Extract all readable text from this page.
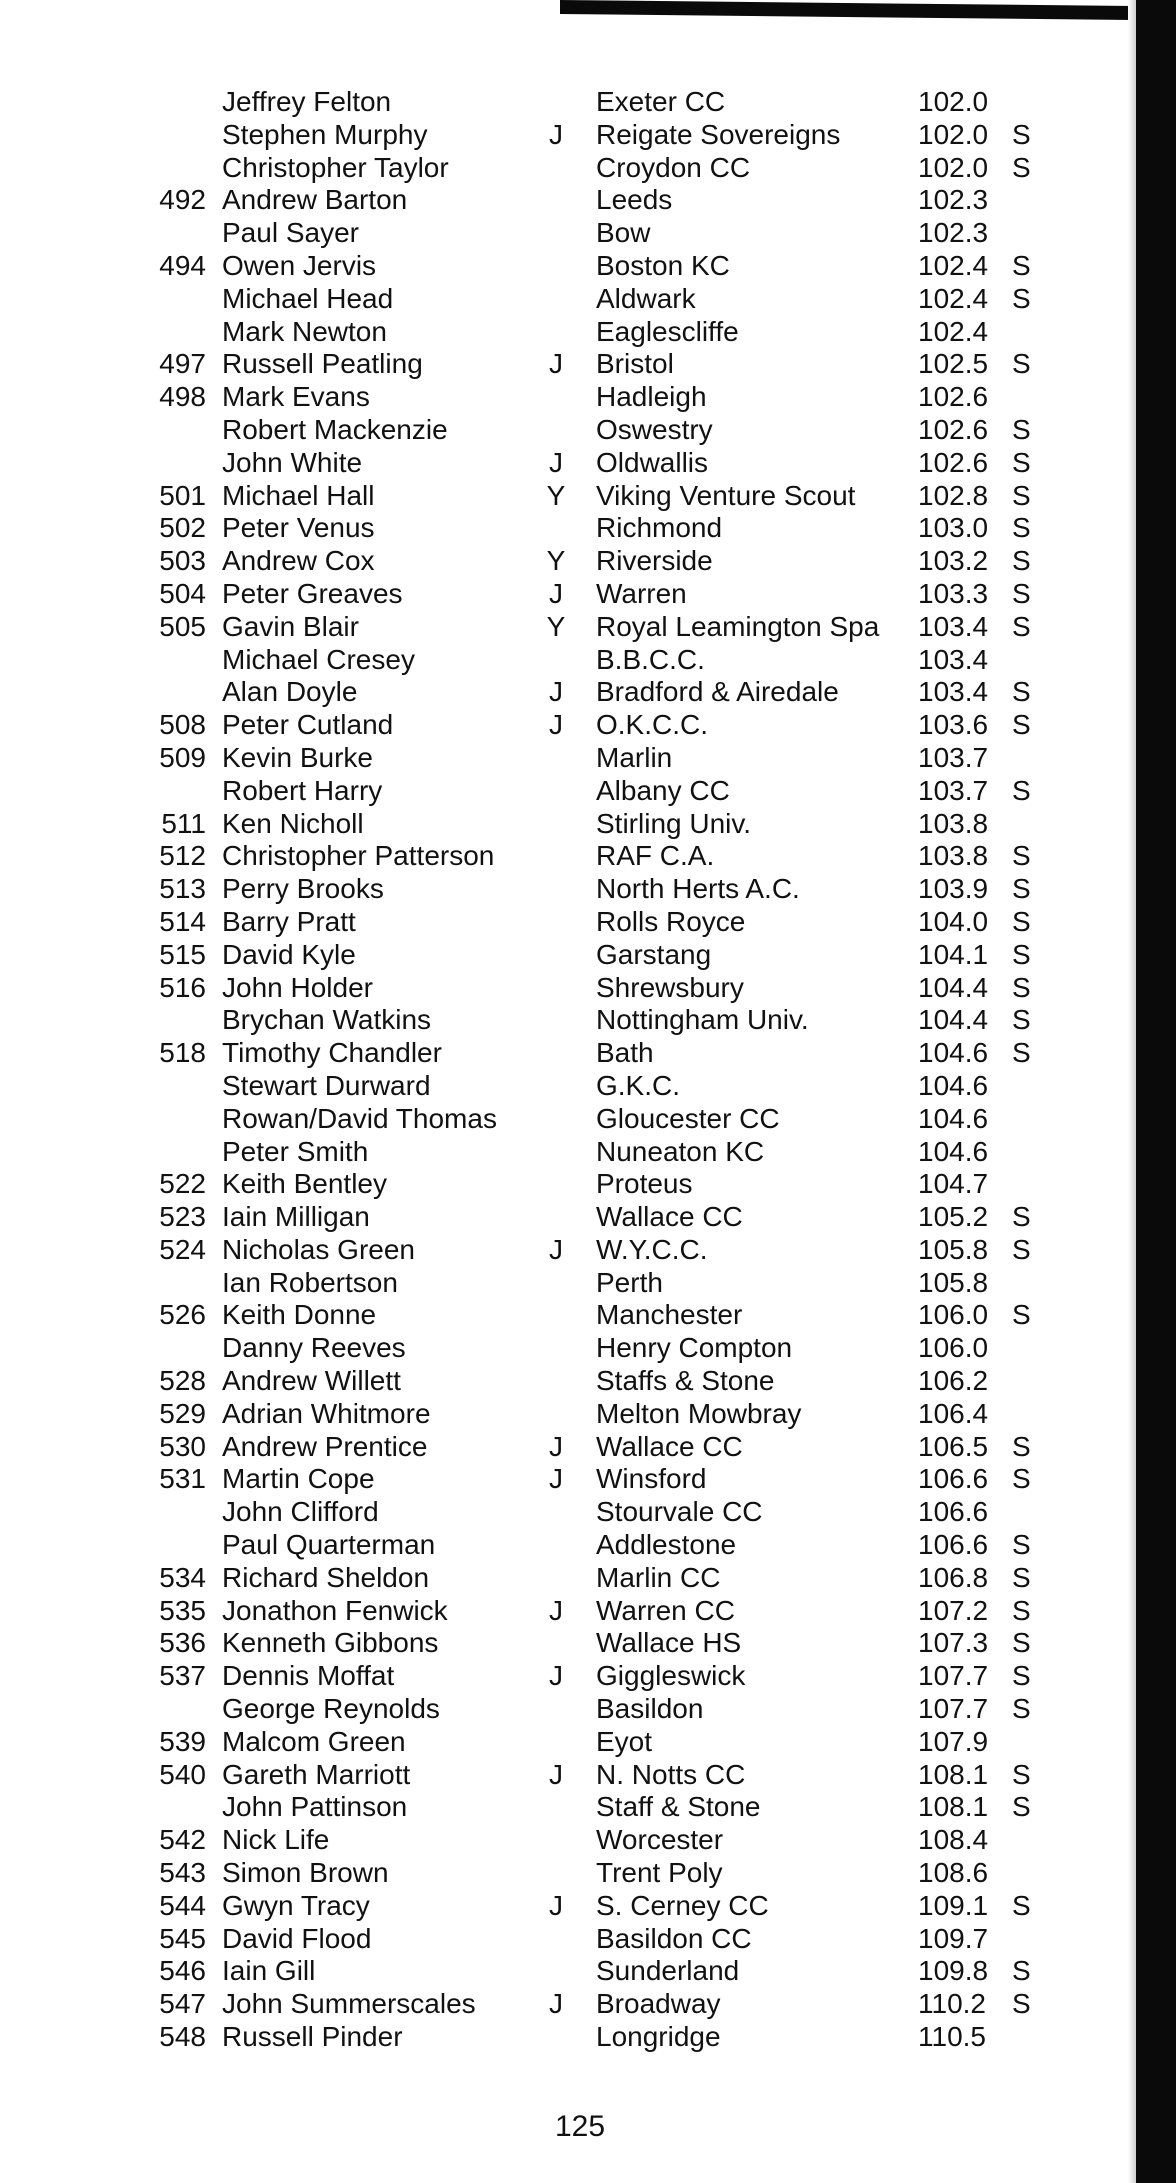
Jeffrey Felton	Exeter CC	102.0
Stephen Murphy	J	Reigate Sovereigns	102.0 S
Christopher Taylor	Croydon CC	102.0 S
492 Andrew Barton	Leeds	102.3
Paul Sayer	Bow	102.3
494 Owen Jervis	Boston KC	102.4 S
Michael Head	Aldwark	102.4 S
Mark Newton	Eaglescliffe	102.4
497 Russell Peatling	J	Bristol	102.5 S
498 Mark Evans	Hadleigh	102.6
Robert Mackenzie	Oswestry	102.6 S
John White	J	Oldwallis	102.6 S
501 Michael Hall	Y	Viking Venture Scout 102.8 S
502 Peter Venus	Richmond	103.0 S
503 Andrew Cox	Y	Riverside	103.2 S
504 Peter Greaves	J	Warren	103.3 S
505 Gavin Blair	Y	Royal Leamington Spa 103.4 S
Michael Cresey	B.B.C.C.	103.4
Alan Doyle	J	Bradford & Airedale	103.4 S
508 Peter Cutland	J	O.K.C.C.	103.6 S
509 Kevin Burke	Marlin	103.7
Robert Harry	Albany CC	103.7 S
511 Ken Nicholl	Stirling Univ.	103.8
512 Christopher Patterson	RAF C.A.	103.8 S
513 Perry Brooks	North Herts A.C.	103.9 S
514 Barry Pratt	Rolls Royce	104.0 S
515 David Kyle	Garstang	104.1 S
516 John Holder	Shrewsbury	104.4 S
Brychan Watkins	Nottingham Univ.	104.4 S
518 Timothy Chandler	Bath	104.6 S
Stewart Durward	G.K.C.	104.6
Rowan/David Thomas	Gloucester CC	104.6
Peter Smith	Nuneaton KC	104.6
522 Keith Bentley	Proteus	104.7
523 Iain Milligan	Wallace CC	105.2 S
524 Nicholas Green	J	W.Y.C.C.	105.8 S
Ian Robertson	Perth	105.8
526 Keith Donne	Manchester	106.0 S
Danny Reeves	Henry Compton	106.0
528 Andrew Willett	Staffs & Stone	106.2
529 Adrian Whitmore	Melton Mowbray	106.4
530 Andrew Prentice	J	Wallace CC	106.5 S
531 Martin Cope	J	Winsford	106.6 S
John Clifford	Stourvale CC	106.6
Paul Quarterman	Addlestone	106.6 S
534 Richard Sheldon	Marlin CC	106.8 S
535 Jonathon Fenwick	J	Warren CC	107.2 S
536 Kenneth Gibbons	Wallace HS	107.3 S
537 Dennis Moffat	J	Giggleswick	107.7 S
George Reynolds	Basildon	107.7 S
539 Malcom Green	Eyot	107.9
540 Gareth Marriott	J	N. Notts CC	108.1 S
John Pattinson	Staff & Stone	108.1 S
542 Nick Life	Worcester	108.4
543 Simon Brown	Trent Poly	108.6
544 Gwyn Tracy	J	S. Cerney CC	109.1 S
545 David Flood	Basildon CC	109.7
546 Iain Gill	Sunderland	109.8 S
547 John Summerscales	J	Broadway	110.2 S
548 Russell Pinder	Longridge	110.5
125
